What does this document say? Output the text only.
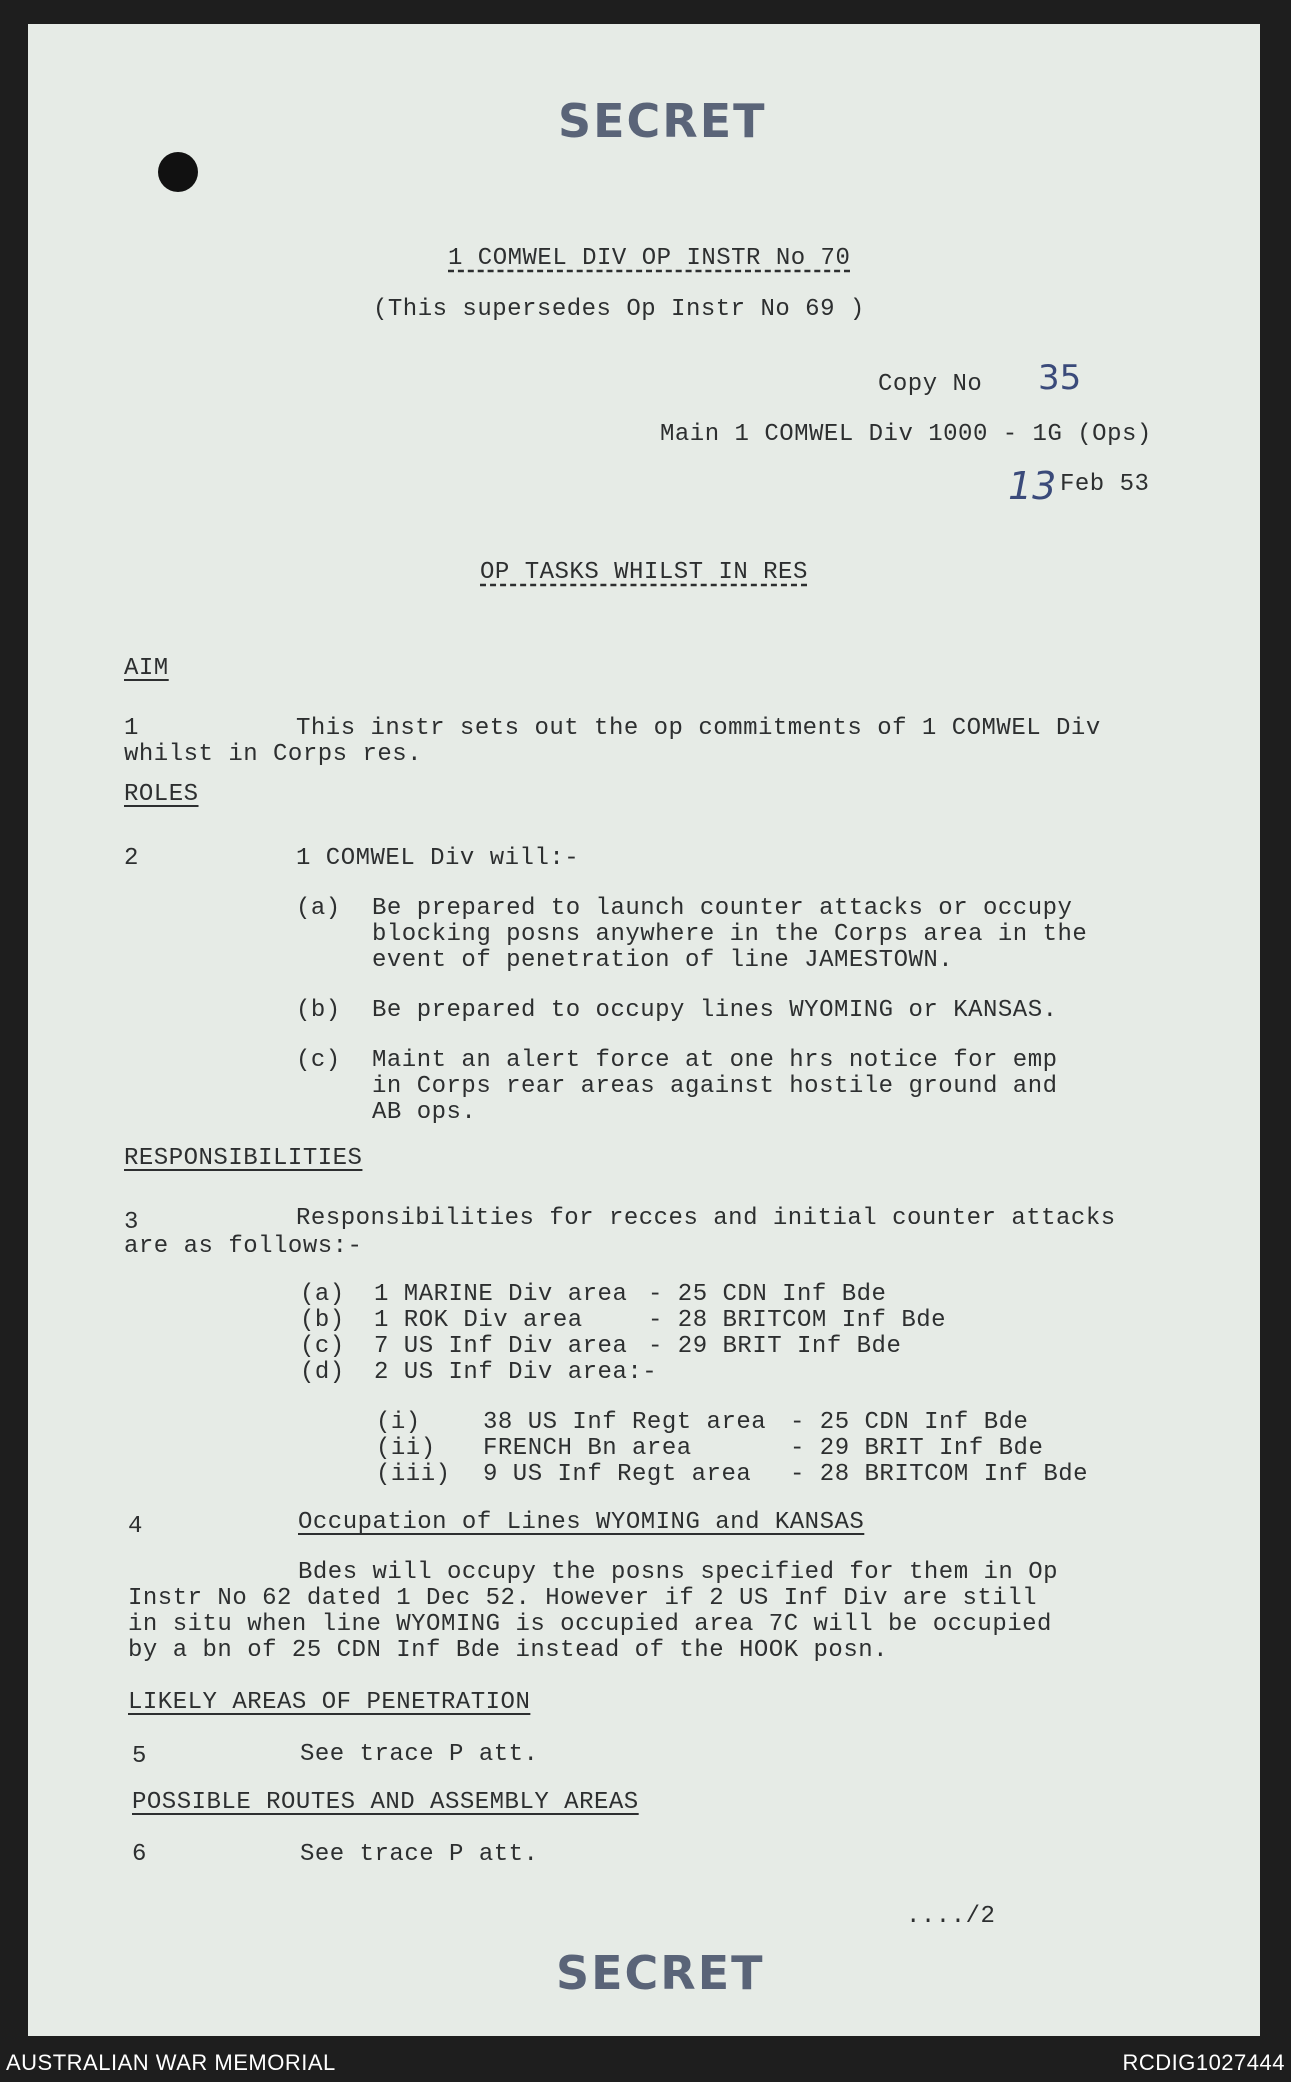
SECRET
1 COMWEL DIV OP INSTR No 70
(This supersedes Op Instr No 69 )
Copy No 35
Main 1 COMWEL Div 1000 - 1G (Ops)
13 Feb 53
OP TASKS WHILST IN RES
AIM
1	This instr sets out the op commitments of 1 COMWEL Div
whilst in Corps res.
ROLES
2	1 COMWEL Div will:-
(a) Be prepared to launch counter attacks or occupy
blocking posns anywhere in the Corps area in the
event of penetration of line JAMESTOWN.
(b) Be prepared to occupy lines WYOMING or KANSAS.
(c) Maint an alert force at one hrs notice for emp
in Corps rear areas against hostile ground and
AB ops.
RESPONSIBILITIES
3	Responsibilities for recces and initial counter attacks
are as follows:-
(a) 1 MARINE Div area - 25 CDN Inf Bde
(b) 1 ROK Div area	- 28 BRITCOM Inf Bde
(c) 7 US Inf Div area - 29 BRIT Inf Bde
(d) 2 US Inf Div area:-
(i)	38 US Inf Regt area - 25 CDN Inf Bde
(ii) FRENCH Bn area	- 29 BRIT Inf Bde
(iii) 9 US Inf Regt area - 28 BRITCOM Inf Bde
4	Occupation of Lines WYOMING and KANSAS
Bdes will occupy the posns specified for them in Op
Instr No 62 dated 1 Dec 52. However if 2 US Inf Div are still
in situ when line WYOMING is occupied area 7C will be occupied
by a bn of 25 CDN Inf Bde instead of the HOOK posn.
LIKELY AREAS OF PENETRATION
5	See trace P att.
POSSIBLE ROUTES AND ASSEMBLY AREAS
6	See trace P att.
..../2
SECRET
AUSTRALIAN WAR MEMORIAL	RCDIG1027444
